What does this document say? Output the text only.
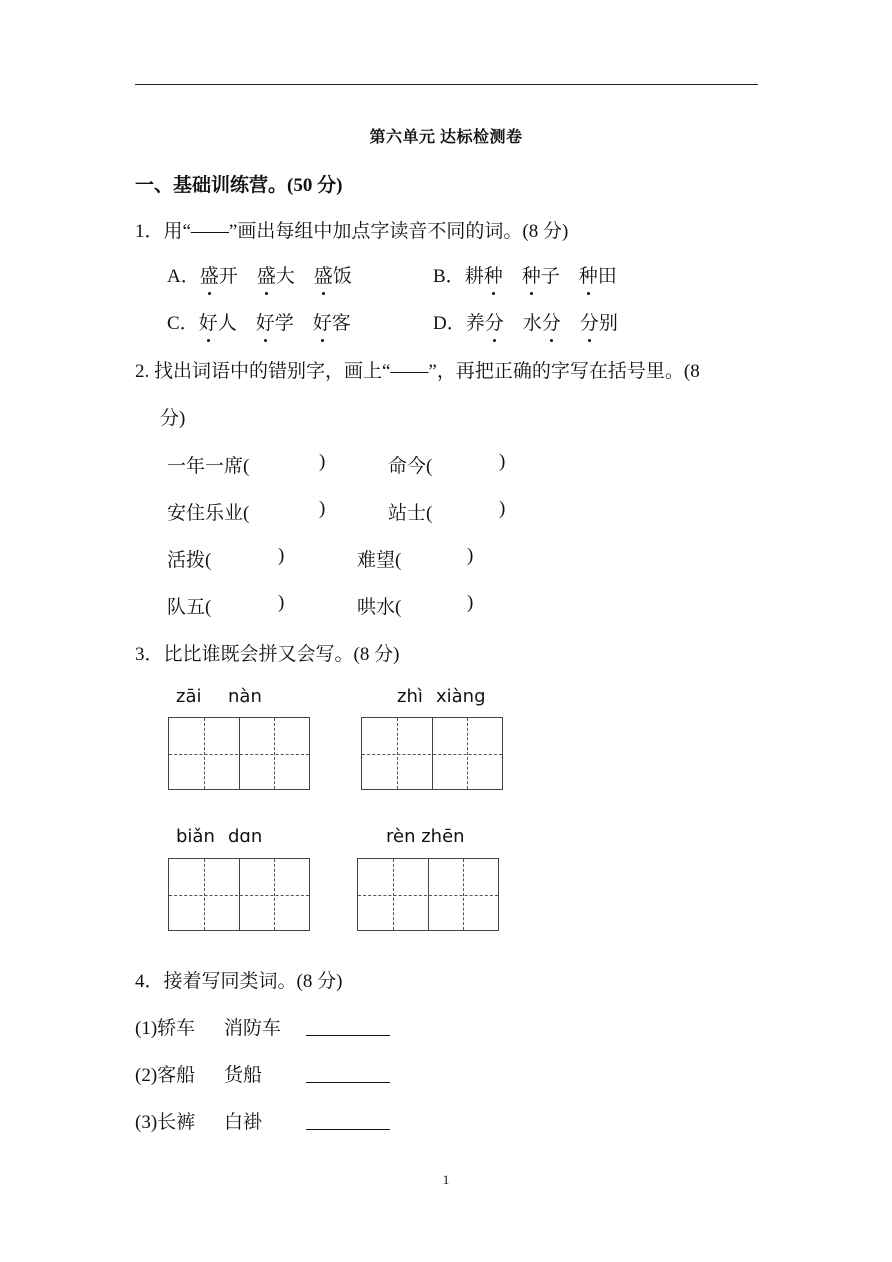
第六单元 达标检测卷
一、基础训练营。(50 分)
1．用“——”画出每组中加点字读音不同的词。(8 分)
A．盛开 盛大 盛饭	B．耕种 种子 种田
C．好人 好学 好客	D．养分 水分 分别
2. 找出词语中的错别字，画上“——”，再把正确的字写在括号里。(8
分)
一年一席(	)	命今(	)
安住乐业(	)	站士(	)
活拨(	)	难望(	)
队五(	)	哄水(	)
3．比比谁既会拼又会写。(8 分)
zāi nàn	zhì xiàng
biǎn dɑn	rèn zhēn
4．接着写同类词。(8 分)
(1)轿车 消防车
(2)客船 货船
(3)长裤 白褂
1
